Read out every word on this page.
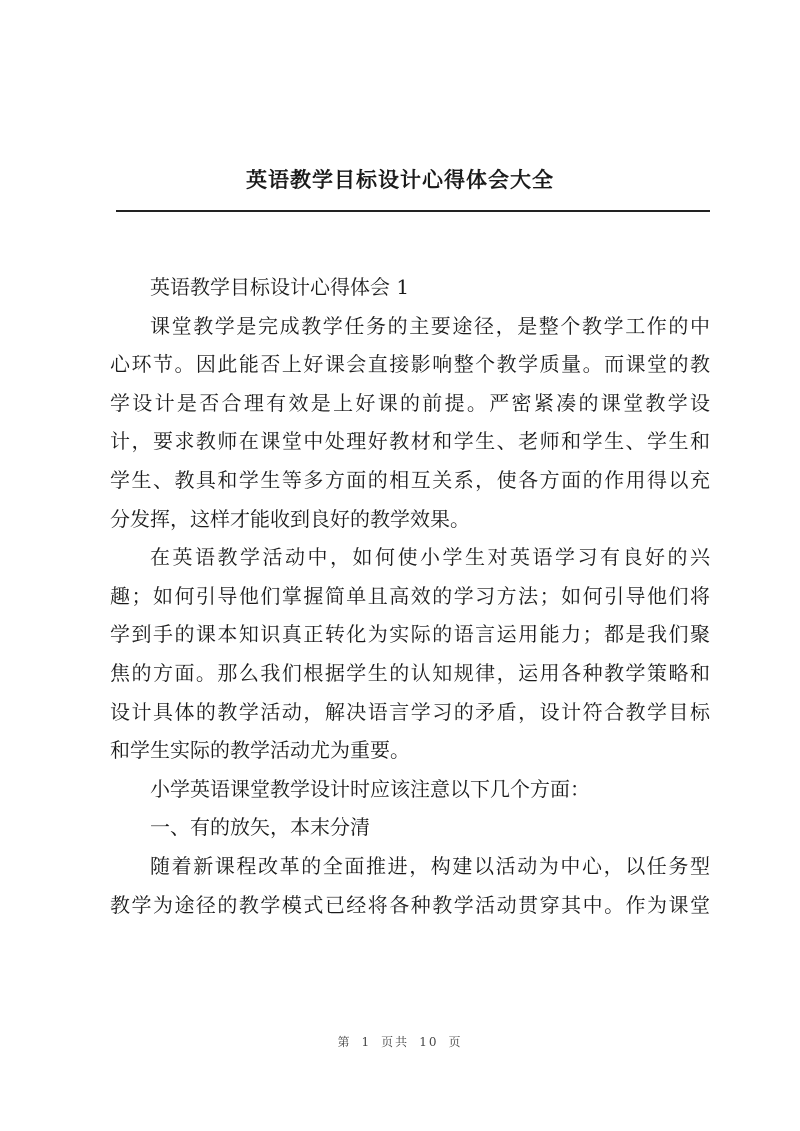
英语教学目标设计心得体会大全
英语教学目标设计心得体会 1
课堂教学是完成教学任务的主要途径，是整个教学工作的中
心环节。因此能否上好课会直接影响整个教学质量。而课堂的教
学设计是否合理有效是上好课的前提。严密紧凑的课堂教学设
计，要求教师在课堂中处理好教材和学生、老师和学生、学生和
学生、教具和学生等多方面的相互关系，使各方面的作用得以充
分发挥，这样才能收到良好的教学效果。
在英语教学活动中，如何使小学生对英语学习有良好的兴
趣；如何引导他们掌握简单且高效的学习方法；如何引导他们将
学到手的课本知识真正转化为实际的语言运用能力；都是我们聚
焦的方面。那么我们根据学生的认知规律，运用各种教学策略和
设计具体的教学活动，解决语言学习的矛盾，设计符合教学目标
和学生实际的教学活动尤为重要。
小学英语课堂教学设计时应该注意以下几个方面：
一、有的放矢，本末分清
随着新课程改革的全面推进，构建以活动为中心，以任务型
教学为途径的教学模式已经将各种教学活动贯穿其中。作为课堂
第 1 页共 10 页
